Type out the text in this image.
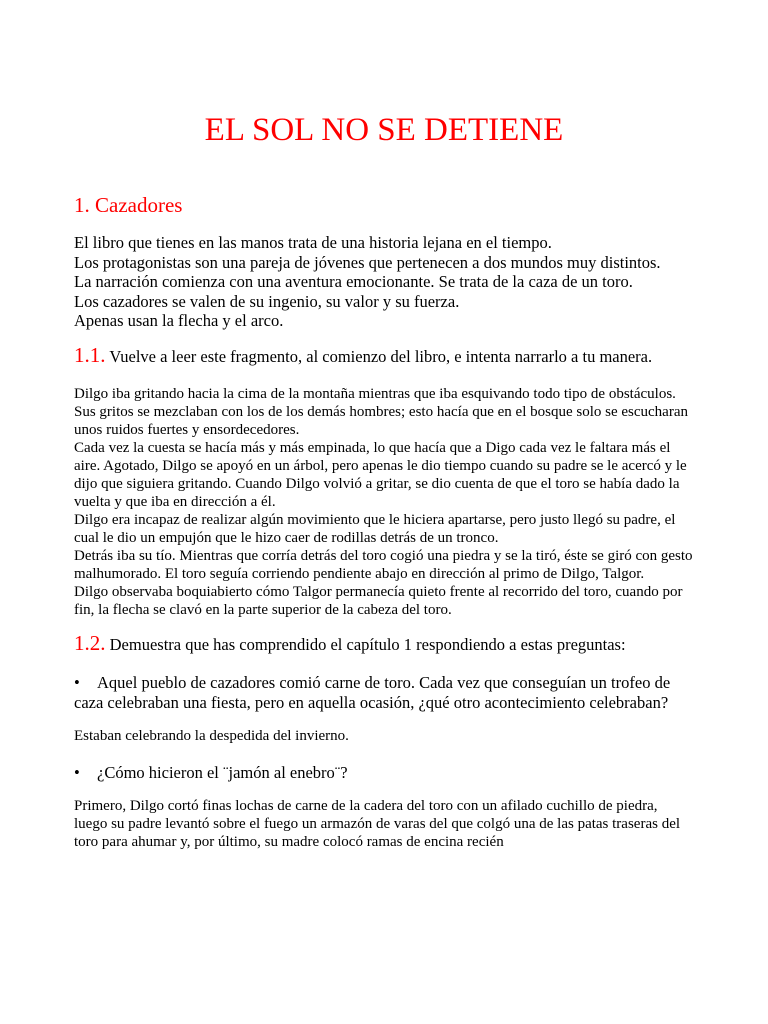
EL SOL NO SE DETIENE
1. Cazadores

El libro que tienes en las manos trata de una historia lejana en el tiempo.

Los protagonistas son una pareja de jóvenes que pertenecen a dos mundos muy distintos.

La narración comienza con una aventura emocionante. Se trata de la caza de un toro.

Los cazadores se valen de su ingenio, su valor y su fuerza.

Apenas usan la flecha y el arco.

1.1. Vuelve a leer este fragmento, al comienzo del libro, e intenta narrarlo a tu manera.

Dilgo iba gritando hacia la cima de la montaña mientras que iba esquivando todo tipo de obstáculos. Sus gritos se mezclaban con los de los demás hombres; esto hacía que en el bosque solo se escucharan unos ruidos fuertes y ensordecedores.

Cada vez la cuesta se hacía más y más empinada, lo que hacía que a Digo cada vez le faltara más el aire. Agotado, Dilgo se apoyó en un árbol, pero apenas le dio tiempo cuando su padre se le acercó y le dijo que siguiera gritando. Cuando Dilgo volvió a gritar, se dio cuenta de que el toro se había dado la vuelta y que iba en dirección a él.

Dilgo era incapaz de realizar algún movimiento que le hiciera apartarse, pero justo llegó su padre, el cual le dio un empujón que le hizo caer de rodillas detrás de un tronco.

Detrás iba su tío. Mientras que corría detrás del toro cogió una piedra y se la tiró, éste se giró con gesto malhumorado. El toro seguía corriendo pendiente abajo en dirección al primo de Dilgo, Talgor.

Dilgo observaba boquiabierto cómo Talgor permanecía quieto frente al recorrido del toro, cuando por fin, la flecha se clavó en la parte superior de la cabeza del toro.

1.2. Demuestra que has comprendido el capítulo 1 respondiendo a estas preguntas:

• Aquel pueblo de cazadores comió carne de toro. Cada vez que conseguían un trofeo de caza celebraban una fiesta, pero en aquella ocasión, ¿qué otro acontecimiento celebraban?

Estaban celebrando la despedida del invierno.

• ¿Cómo hicieron el ¨jamón al enebro¨?

Primero, Dilgo cortó finas lochas de carne de la cadera del toro con un afilado cuchillo de piedra, luego su padre levantó sobre el fuego un armazón de varas del que colgó una de las patas traseras del toro para ahumar y, por último, su madre colocó ramas de encina recién
